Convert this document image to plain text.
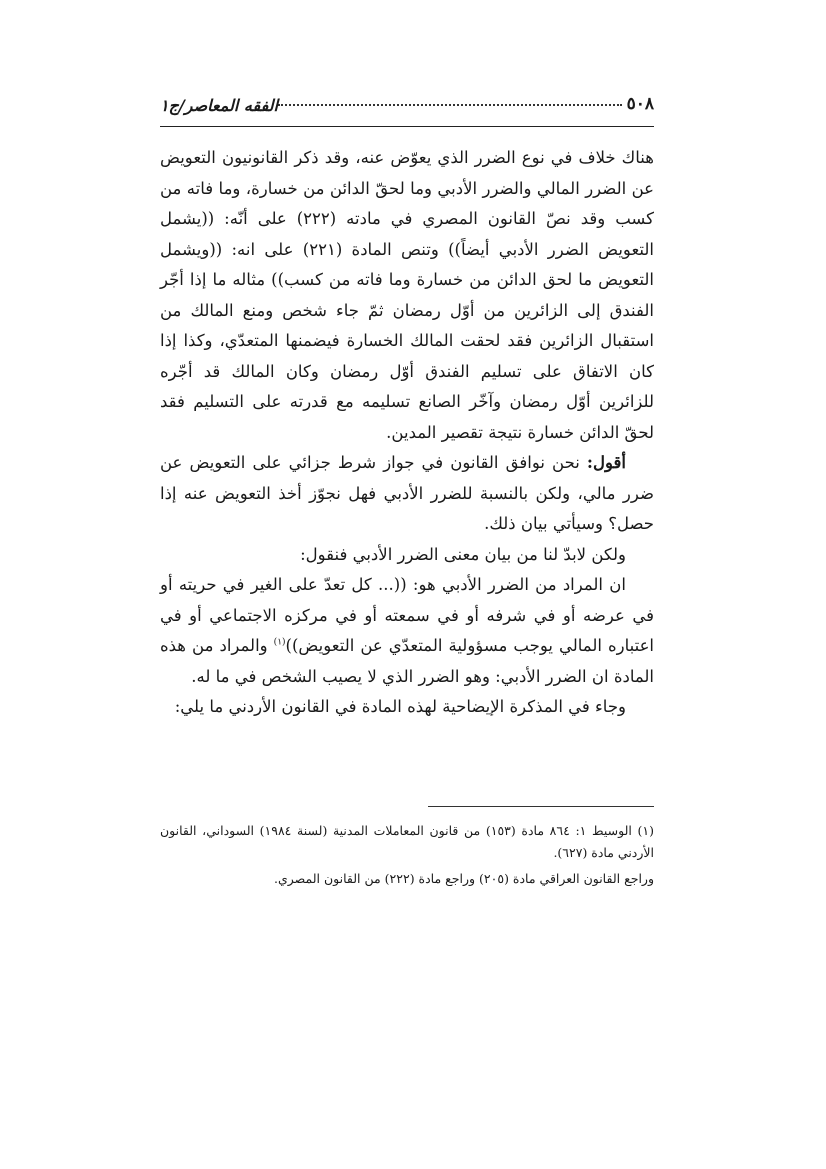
٥٠٨
الفقه المعاصر/ج١

هناك خلاف في نوع الضرر الذي يعوّض عنه، وقد ذكر القانونيون التعويض عن الضرر المالي والضرر الأدبي وما لحقّ الدائن من خسارة، وما فاته من كسب وقد نصّ القانون المصري في مادته (٢٢٢) على أنّه: ((يشمل التعويض الضرر الأدبي أيضاً)) وتنص المادة (٢٢١) على انه: ((ويشمل التعويض ما لحق الدائن من خسارة وما فاته من كسب)) مثاله ما إذا أجّر الفندق إلى الزائرين من أوّل رمضان ثمّ جاء شخص ومنع المالك من استقبال الزائرين فقد لحقت المالك الخسارة فيضمنها المتعدّي، وكذا إذا كان الاتفاق على تسليم الفندق أوّل رمضان وكان المالك قد أجّره للزائرين أوّل رمضان وآخّر الصانع تسليمه مع قدرته على التسليم فقد لحقّ الدائن خسارة نتيجة تقصير المدين.

أقول: نحن نوافق القانون في جواز شرط جزائي على التعويض عن ضرر مالي، ولكن بالنسبة للضرر الأدبي فهل نجوّز أخذ التعويض عنه إذا حصل؟ وسيأتي بيان ذلك.

ولكن لابدّ لنا من بيان معنى الضرر الأدبي فنقول:

ان المراد من الضرر الأدبي هو: ((... كل تعدّ على الغير في حريته أو في عرضه أو في شرفه أو في سمعته أو في مركزه الاجتماعي أو في اعتباره المالي يوجب مسؤولية المتعدّي عن التعويض))$^{(١)}$ والمراد من هذه المادة ان الضرر الأدبي: وهو الضرر الذي لا يصيب الشخص في ما له.

وجاء في المذكرة الإيضاحية لهذه المادة في القانون الأردني ما يلي:

(١) الوسيط ١: ٨٦٤ مادة (١٥٣) من قانون المعاملات المدنية (لسنة ١٩٨٤) السوداني، القانون الأردني مادة (٦٢٧).

وراجع القانون العراقي مادة (٢٠٥) وراجع مادة (٢٢٢) من القانون المصري.
